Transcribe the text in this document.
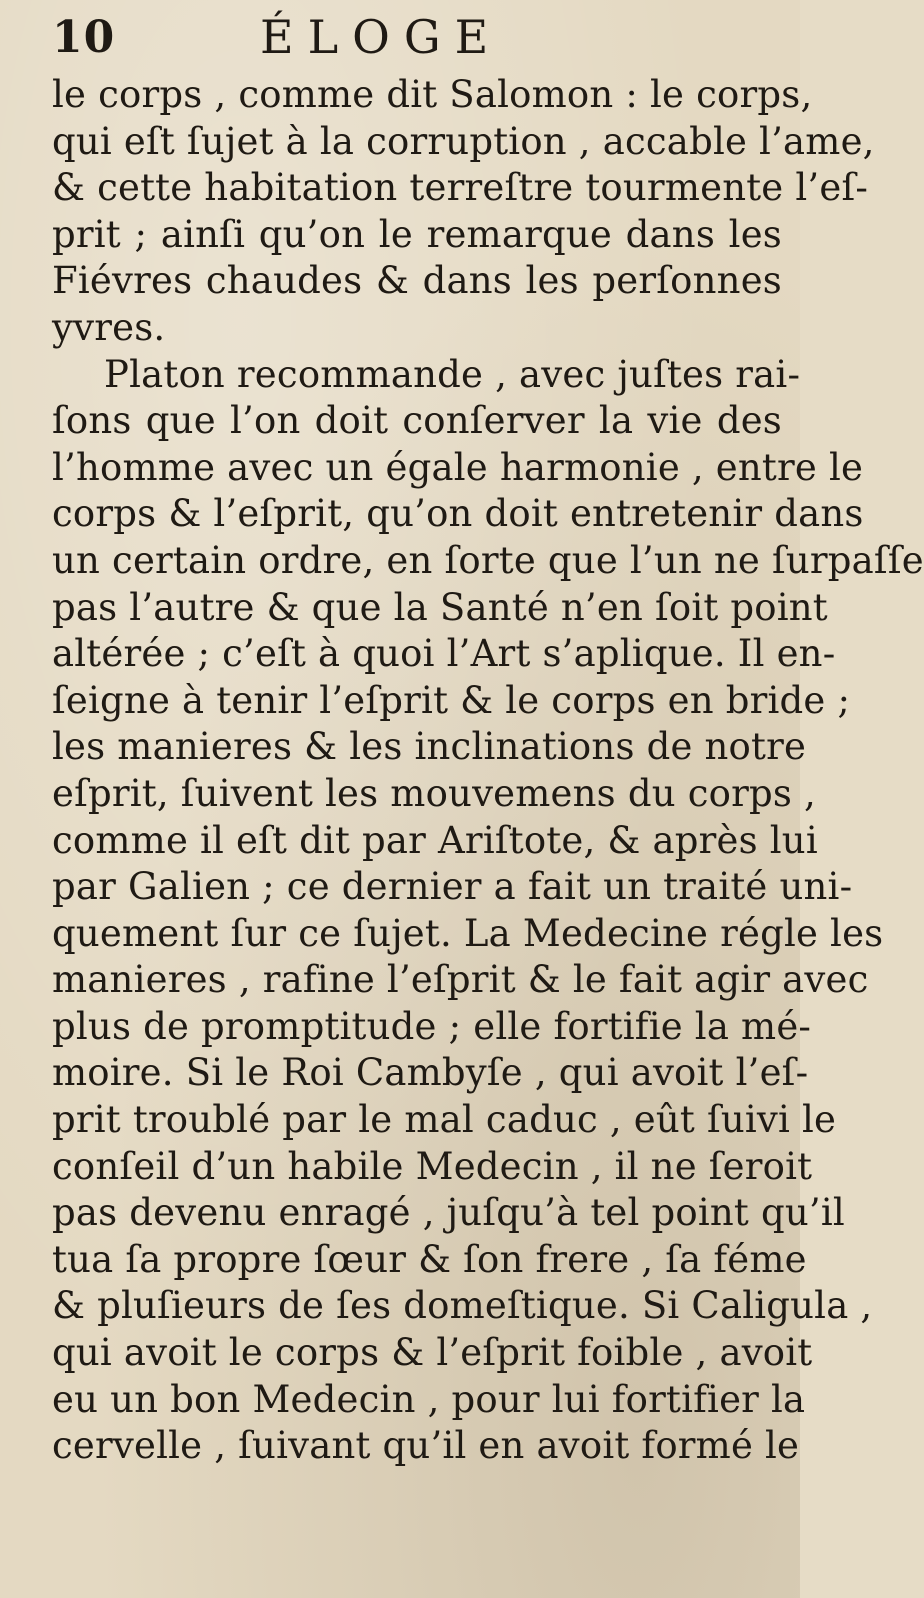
10	ÉLOGE
le corps , comme dit Salomon : le corps,
qui eſt ſujet à la corruption , accable l’ame,
& cette habitation terreſtre tourmente l’eſ-
prit ; ainſi qu’on le remarque dans les
Fiévres chaudes & dans les perſonnes
yvres.
Platon recommande , avec juſtes rai-
ſons que l’on doit conſerver la vie des
l’homme avec un égale harmonie , entre le
corps & l’eſprit, qu’on doit entretenir dans
un certain ordre, en ſorte que l’un ne ſurpaſſe
pas l’autre & que la Santé n’en ſoit point
altérée ; c’eſt à quoi l’Art s’aplique. Il en-
ſeigne à tenir l’eſprit & le corps en bride ;
les manieres & les inclinations de notre
eſprit, ſuivent les mouvemens du corps ,
comme il eſt dit par Ariſtote, & après lui
par Galien ; ce dernier a fait un traité uni-
quement ſur ce ſujet. La Medecine régle les
manieres , rafine l’eſprit & le fait agir avec
plus de promptitude ; elle fortifie la mé-
moire. Si le Roi Cambyſe , qui avoit l’eſ-
prit troublé par le mal caduc , eût ſuivi le
conſeil d’un habile Medecin , il ne ſeroit
pas devenu enragé , juſqu’à tel point qu’il
tua ſa propre ſœur & ſon frere , ſa féme
& pluſieurs de ſes domeſtique. Si Caligula ,
qui avoit le corps & l’eſprit foible , avoit
eu un bon Medecin , pour lui fortifier la
cervelle , ſuivant qu’il en avoit formé le
